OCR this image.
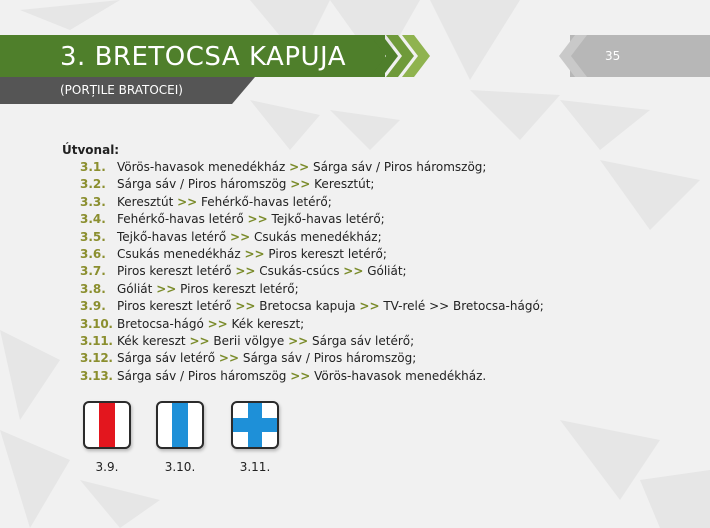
3. BRETOCSA KAPUJA
(PORȚILE BRATOCEI)
35
Útvonal:
3.1. Vörös-havasok menedékház >> Sárga sáv / Piros háromszög;
3.2. Sárga sáv / Piros háromszög >> Keresztút;
3.3. Keresztút >> Fehérkő-havas letérő;
3.4. Fehérkő-havas letérő >> Tejkő-havas letérő;
3.5. Tejkő-havas letérő >> Csukás menedékház;
3.6. Csukás menedékház >> Piros kereszt letérő;
3.7. Piros kereszt letérő >> Csukás-csúcs >> Góliát;
3.8. Góliát >> Piros kereszt letérő;
3.9. Piros kereszt letérő >> Bretocsa kapuja >> TV-relé >> Bretocsa-hágó;
3.10. Bretocsa-hágó >> Kék kereszt;
3.11. Kék kereszt >> Berii völgye >> Sárga sáv letérő;
3.12. Sárga sáv letérő >> Sárga sáv / Piros háromszög;
3.13. Sárga sáv / Piros háromszög >> Vörös-havasok menedékház.
3.9.	3.10.	3.11.
